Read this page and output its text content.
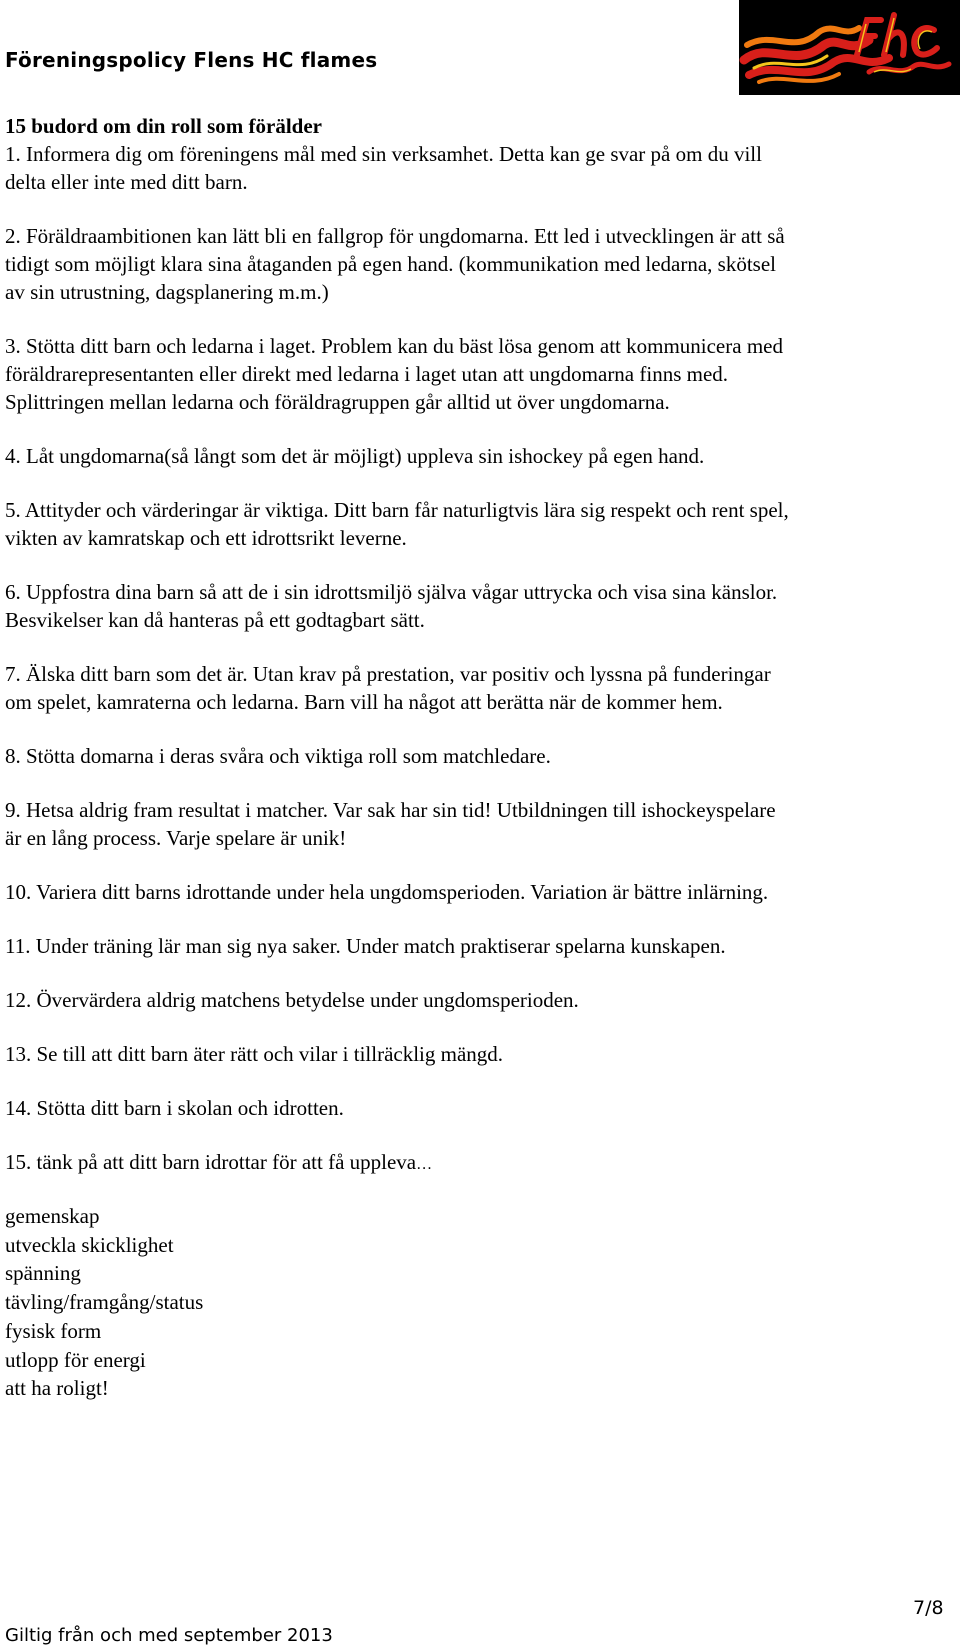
Föreningspolicy Flens HC flames
15 budord om din roll som förälder
1. Informera dig om föreningens mål med sin verksamhet. Detta kan ge svar på om du vill
delta eller inte med ditt barn.
2. Föräldraambitionen kan lätt bli en fallgrop för ungdomarna. Ett led i utvecklingen är att så
tidigt som möjligt klara sina åtaganden på egen hand. (kommunikation med ledarna, skötsel
av sin utrustning, dagsplanering m.m.)
3. Stötta ditt barn och ledarna i laget. Problem kan du bäst lösa genom att kommunicera med
föräldrarepresentanten eller direkt med ledarna i laget utan att ungdomarna finns med.
Splittringen mellan ledarna och föräldragruppen går alltid ut över ungdomarna.
4. Låt ungdomarna(så långt som det är möjligt) uppleva sin ishockey på egen hand.
5. Attityder och värderingar är viktiga. Ditt barn får naturligtvis lära sig respekt och rent spel,
vikten av kamratskap och ett idrottsrikt leverne.
6. Uppfostra dina barn så att de i sin idrottsmiljö själva vågar uttrycka och visa sina känslor.
Besvikelser kan då hanteras på ett godtagbart sätt.
7. Älska ditt barn som det är. Utan krav på prestation, var positiv och lyssna på funderingar
om spelet, kamraterna och ledarna. Barn vill ha något att berätta när de kommer hem.
8. Stötta domarna i deras svåra och viktiga roll som matchledare.
9. Hetsa aldrig fram resultat i matcher. Var sak har sin tid! Utbildningen till ishockeyspelare
är en lång process. Varje spelare är unik!
10. Variera ditt barns idrottande under hela ungdomsperioden. Variation är bättre inlärning.
11. Under träning lär man sig nya saker. Under match praktiserar spelarna kunskapen.
12. Övervärdera aldrig matchens betydelse under ungdomsperioden.
13. Se till att ditt barn äter rätt och vilar i tillräcklig mängd.
14. Stötta ditt barn i skolan och idrotten.
15. tänk på att ditt barn idrottar för att få uppleva…
gemenskap
utveckla skicklighet
spänning
tävling/framgång/status
fysisk form
utlopp för energi
att ha roligt!
Giltig från och med september 2013
7/8
